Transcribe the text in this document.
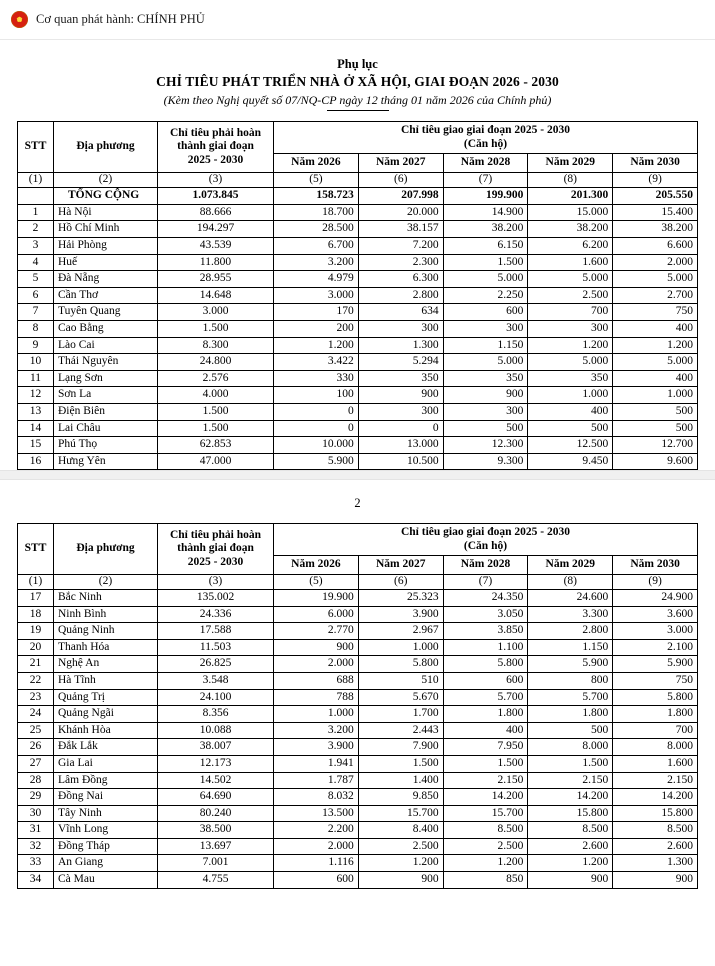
★
Cơ quan phát hành: CHÍNH PHỦ
Phụ lục
CHỈ TIÊU PHÁT TRIỂN NHÀ Ở XÃ HỘI, GIAI ĐOẠN 2026 - 2030
(Kèm theo Nghị quyết số 07/NQ-CP ngày 12 tháng 01 năm 2026 của Chính phủ)
STT	Địa phương	Chỉ tiêu phải hoàn
thành giai đoạn
2025 - 2030	Chỉ tiêu giao giai đoạn 2025 - 2030
(Căn hộ)				
			Năm 2026	Năm 2027	Năm 2028	Năm 2029	Năm 2030
(1)	(2)	(3)	(5)	(6)	(7)	(8)	(9)
	TỔNG CỘNG	1.073.845	158.723	207.998	199.900	201.300	205.550
1	Hà Nội	88.666	18.700	20.000	14.900	15.000	15.400
2	Hồ Chí Minh	194.297	28.500	38.157	38.200	38.200	38.200
3	Hải Phòng	43.539	6.700	7.200	6.150	6.200	6.600
4	Huế	11.800	3.200	2.300	1.500	1.600	2.000
5	Đà Nẵng	28.955	4.979	6.300	5.000	5.000	5.000
6	Cần Thơ	14.648	3.000	2.800	2.250	2.500	2.700
7	Tuyên Quang	3.000	170	634	600	700	750
8	Cao Bằng	1.500	200	300	300	300	400
9	Lào Cai	8.300	1.200	1.300	1.150	1.200	1.200
10	Thái Nguyên	24.800	3.422	5.294	5.000	5.000	5.000
11	Lạng Sơn	2.576	330	350	350	350	400
12	Sơn La	4.000	100	900	900	1.000	1.000
13	Điện Biên	1.500	0	300	300	400	500
14	Lai Châu	1.500	0	0	500	500	500
15	Phú Thọ	62.853	10.000	13.000	12.300	12.500	12.700
16	Hưng Yên	47.000	5.900	10.500	9.300	9.450	9.600
2
STT	Địa phương	Chỉ tiêu phải hoàn
thành giai đoạn
2025 - 2030	Chỉ tiêu giao giai đoạn 2025 - 2030
(Căn hộ)				
			Năm 2026	Năm 2027	Năm 2028	Năm 2029	Năm 2030
(1)	(2)	(3)	(5)	(6)	(7)	(8)	(9)
17	Bắc Ninh	135.002	19.900	25.323	24.350	24.600	24.900
18	Ninh Bình	24.336	6.000	3.900	3.050	3.300	3.600
19	Quảng Ninh	17.588	2.770	2.967	3.850	2.800	3.000
20	Thanh Hóa	11.503	900	1.000	1.100	1.150	2.100
21	Nghệ An	26.825	2.000	5.800	5.800	5.900	5.900
22	Hà Tĩnh	3.548	688	510	600	800	750
23	Quảng Trị	24.100	788	5.670	5.700	5.700	5.800
24	Quảng Ngãi	8.356	1.000	1.700	1.800	1.800	1.800
25	Khánh Hòa	10.088	3.200	2.443	400	500	700
26	Đắk Lắk	38.007	3.900	7.900	7.950	8.000	8.000
27	Gia Lai	12.173	1.941	1.500	1.500	1.500	1.600
28	Lâm Đồng	14.502	1.787	1.400	2.150	2.150	2.150
29	Đồng Nai	64.690	8.032	9.850	14.200	14.200	14.200
30	Tây Ninh	80.240	13.500	15.700	15.700	15.800	15.800
31	Vĩnh Long	38.500	2.200	8.400	8.500	8.500	8.500
32	Đồng Tháp	13.697	2.000	2.500	2.500	2.600	2.600
33	An Giang	7.001	1.116	1.200	1.200	1.200	1.300
34	Cà Mau	4.755	600	900	850	900	900
